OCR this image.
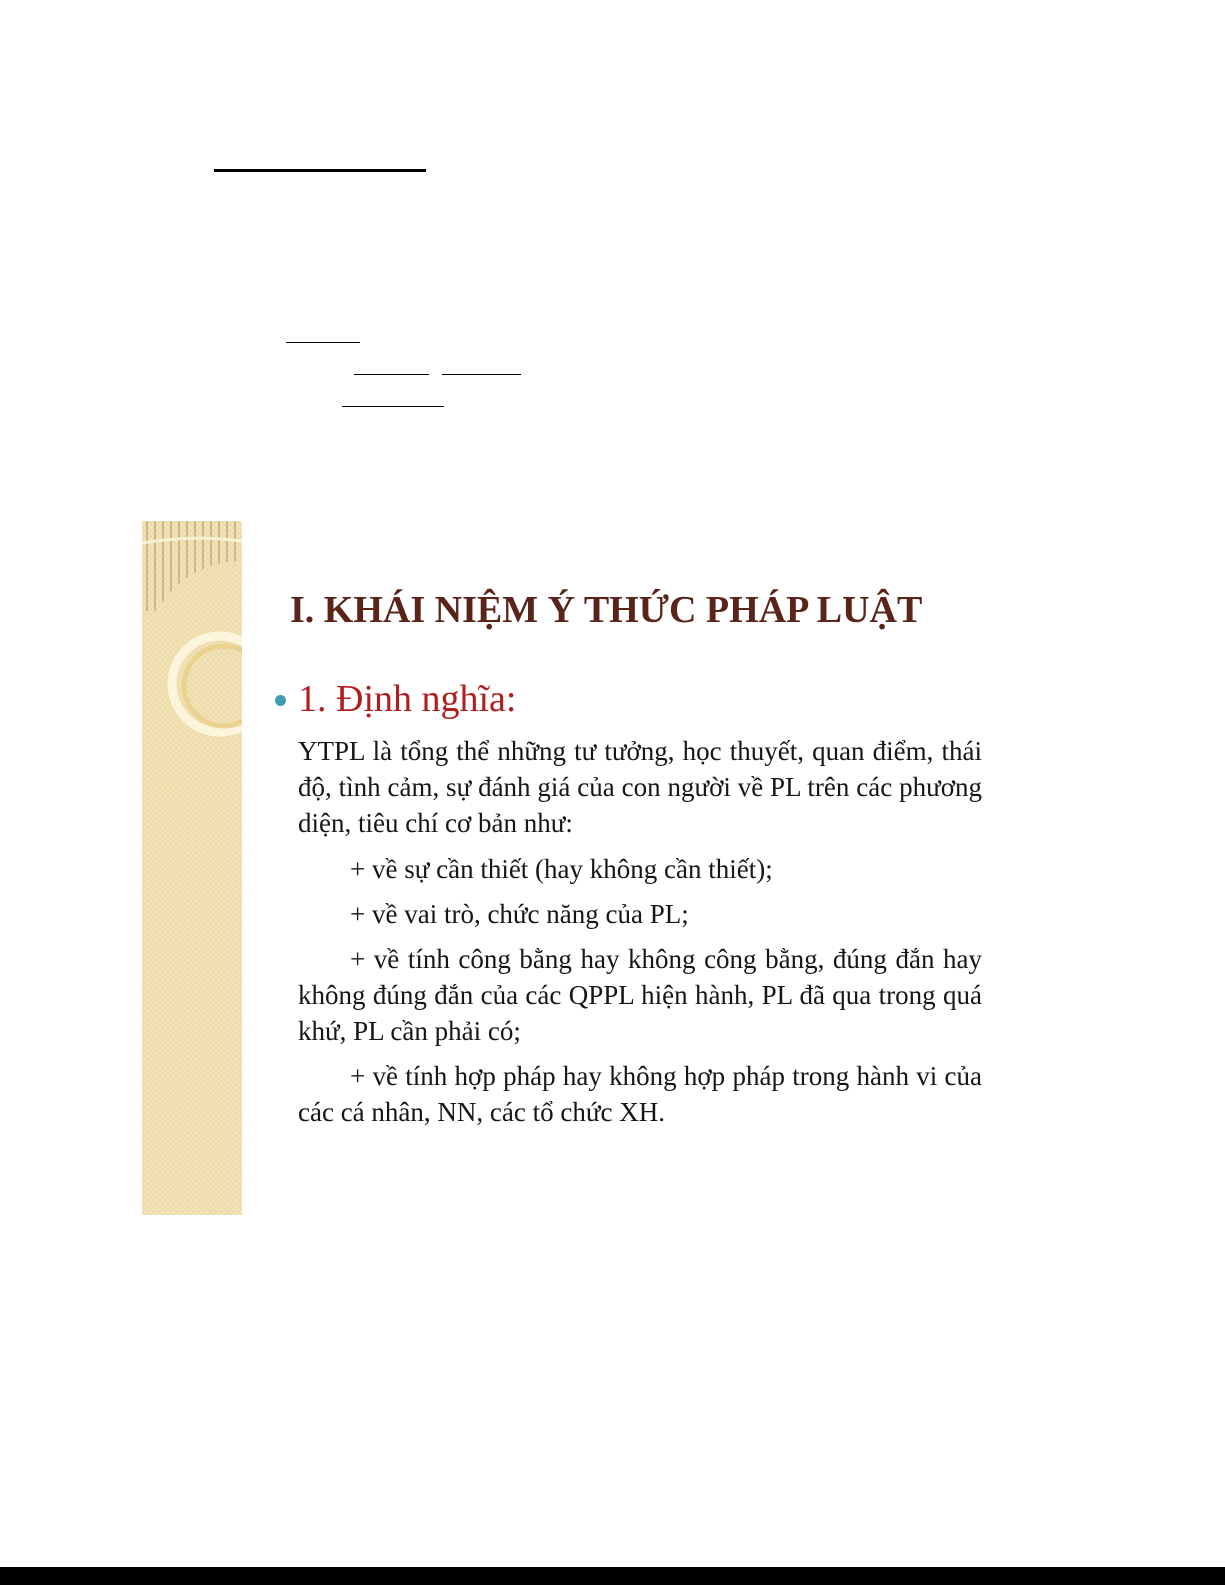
I. KHÁI NIỆM Ý THỨC PHÁP LUẬT
1. Định nghĩa:

YTPL là tổng thể những tư tưởng, học thuyết, quan điểm, thái độ, tình cảm, sự đánh giá của con người về PL trên các phương diện, tiêu chí cơ bản như:

+ về sự cần thiết (hay không cần thiết);

+ về vai trò, chức năng của PL;

+ về tính công bằng hay không công bằng, đúng đắn hay không đúng đắn của các QPPL hiện hành, PL đã qua trong quá khứ, PL cần phải có;

+ về tính hợp pháp hay không hợp pháp trong hành vi của các cá nhân, NN, các tổ chức XH.
